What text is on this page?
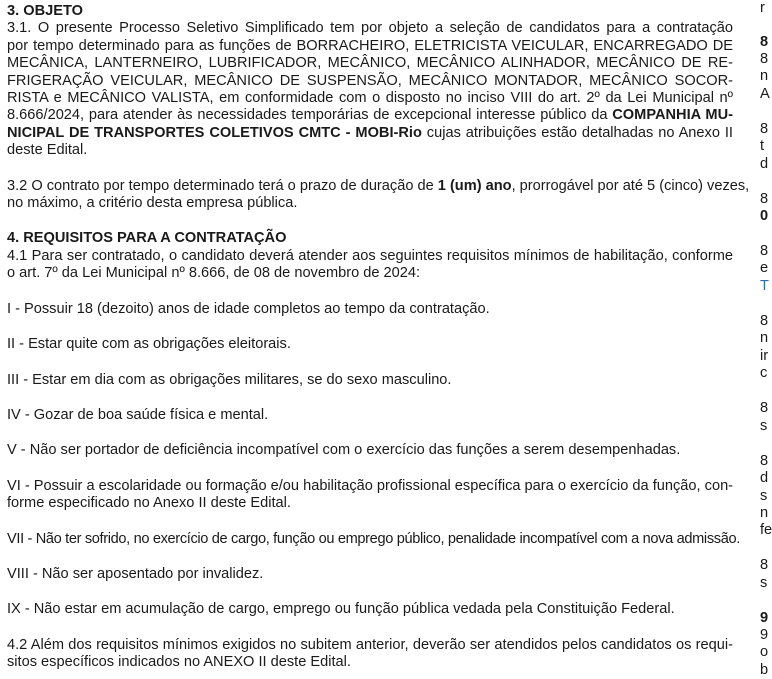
3. OBJETO

3.1. O presente Processo Seletivo Simplificado tem por objeto a seleção de candidatos para a contratação
por tempo determinado para as funções de BORRACHEIRO, ELETRICISTA VEICULAR, ENCARREGADO DE
MECÂNICA, LANTERNEIRO, LUBRIFICADOR, MECÂNICO, MECÂNICO ALINHADOR, MECÂNICO DE RE-
FRIGERAÇÃO VEICULAR, MECÂNICO DE SUSPENSÃO, MECÂNICO MONTADOR, MECÂNICO SOCOR-
RISTA e MECÂNICO VALISTA, em conformidade com o disposto no inciso VIII do art. 2º da Lei Municipal nº
8.666/2024, para atender às necessidades temporárias de excepcional interesse público da COMPANHIA MU-
NICIPAL DE TRANSPORTES COLETIVOS CMTC - MOBI-Rio cujas atribuições estão detalhadas no Anexo II
deste Edital.
3.2 O contrato por tempo determinado terá o prazo de duração de 1 (um) ano, prorrogável por até 5 (cinco) vezes,
no máximo, a critério desta empresa pública.

4. REQUISITOS PARA A CONTRATAÇÃO

4.1 Para ser contratado, o candidato deverá atender aos seguintes requisitos mínimos de habilitação, conforme
o art. 7º da Lei Municipal nº 8.666, de 08 de novembro de 2024:
I - Possuir 18 (dezoito) anos de idade completos ao tempo da contratação.
II - Estar quite com as obrigações eleitorais.
III - Estar em dia com as obrigações militares, se do sexo masculino.
IV - Gozar de boa saúde física e mental.
V - Não ser portador de deficiência incompatível com o exercício das funções a serem desempenhadas.
VI - Possuir a escolaridade ou formação e/ou habilitação profissional específica para o exercício da função, con-
forme especificado no Anexo II deste Edital.
VII - Não ter sofrido, no exercício de cargo, função ou emprego público, penalidade incompatível com a nova admissão.
VIII - Não ser aposentado por invalidez.
IX - Não estar em acumulação de cargo, emprego ou função pública vedada pela Constituição Federal.
4.2 Além dos requisitos mínimos exigidos no subitem anterior, deverão ser atendidos pelos candidatos os requi-
sitos específicos indicados no ANEXO II deste Edital.
r
8
8
n
A
8
t
d
8
0
8
e
T
8
n
ir
c
8
s
8
d
s
n
fe
8
s
9
9
o
b
